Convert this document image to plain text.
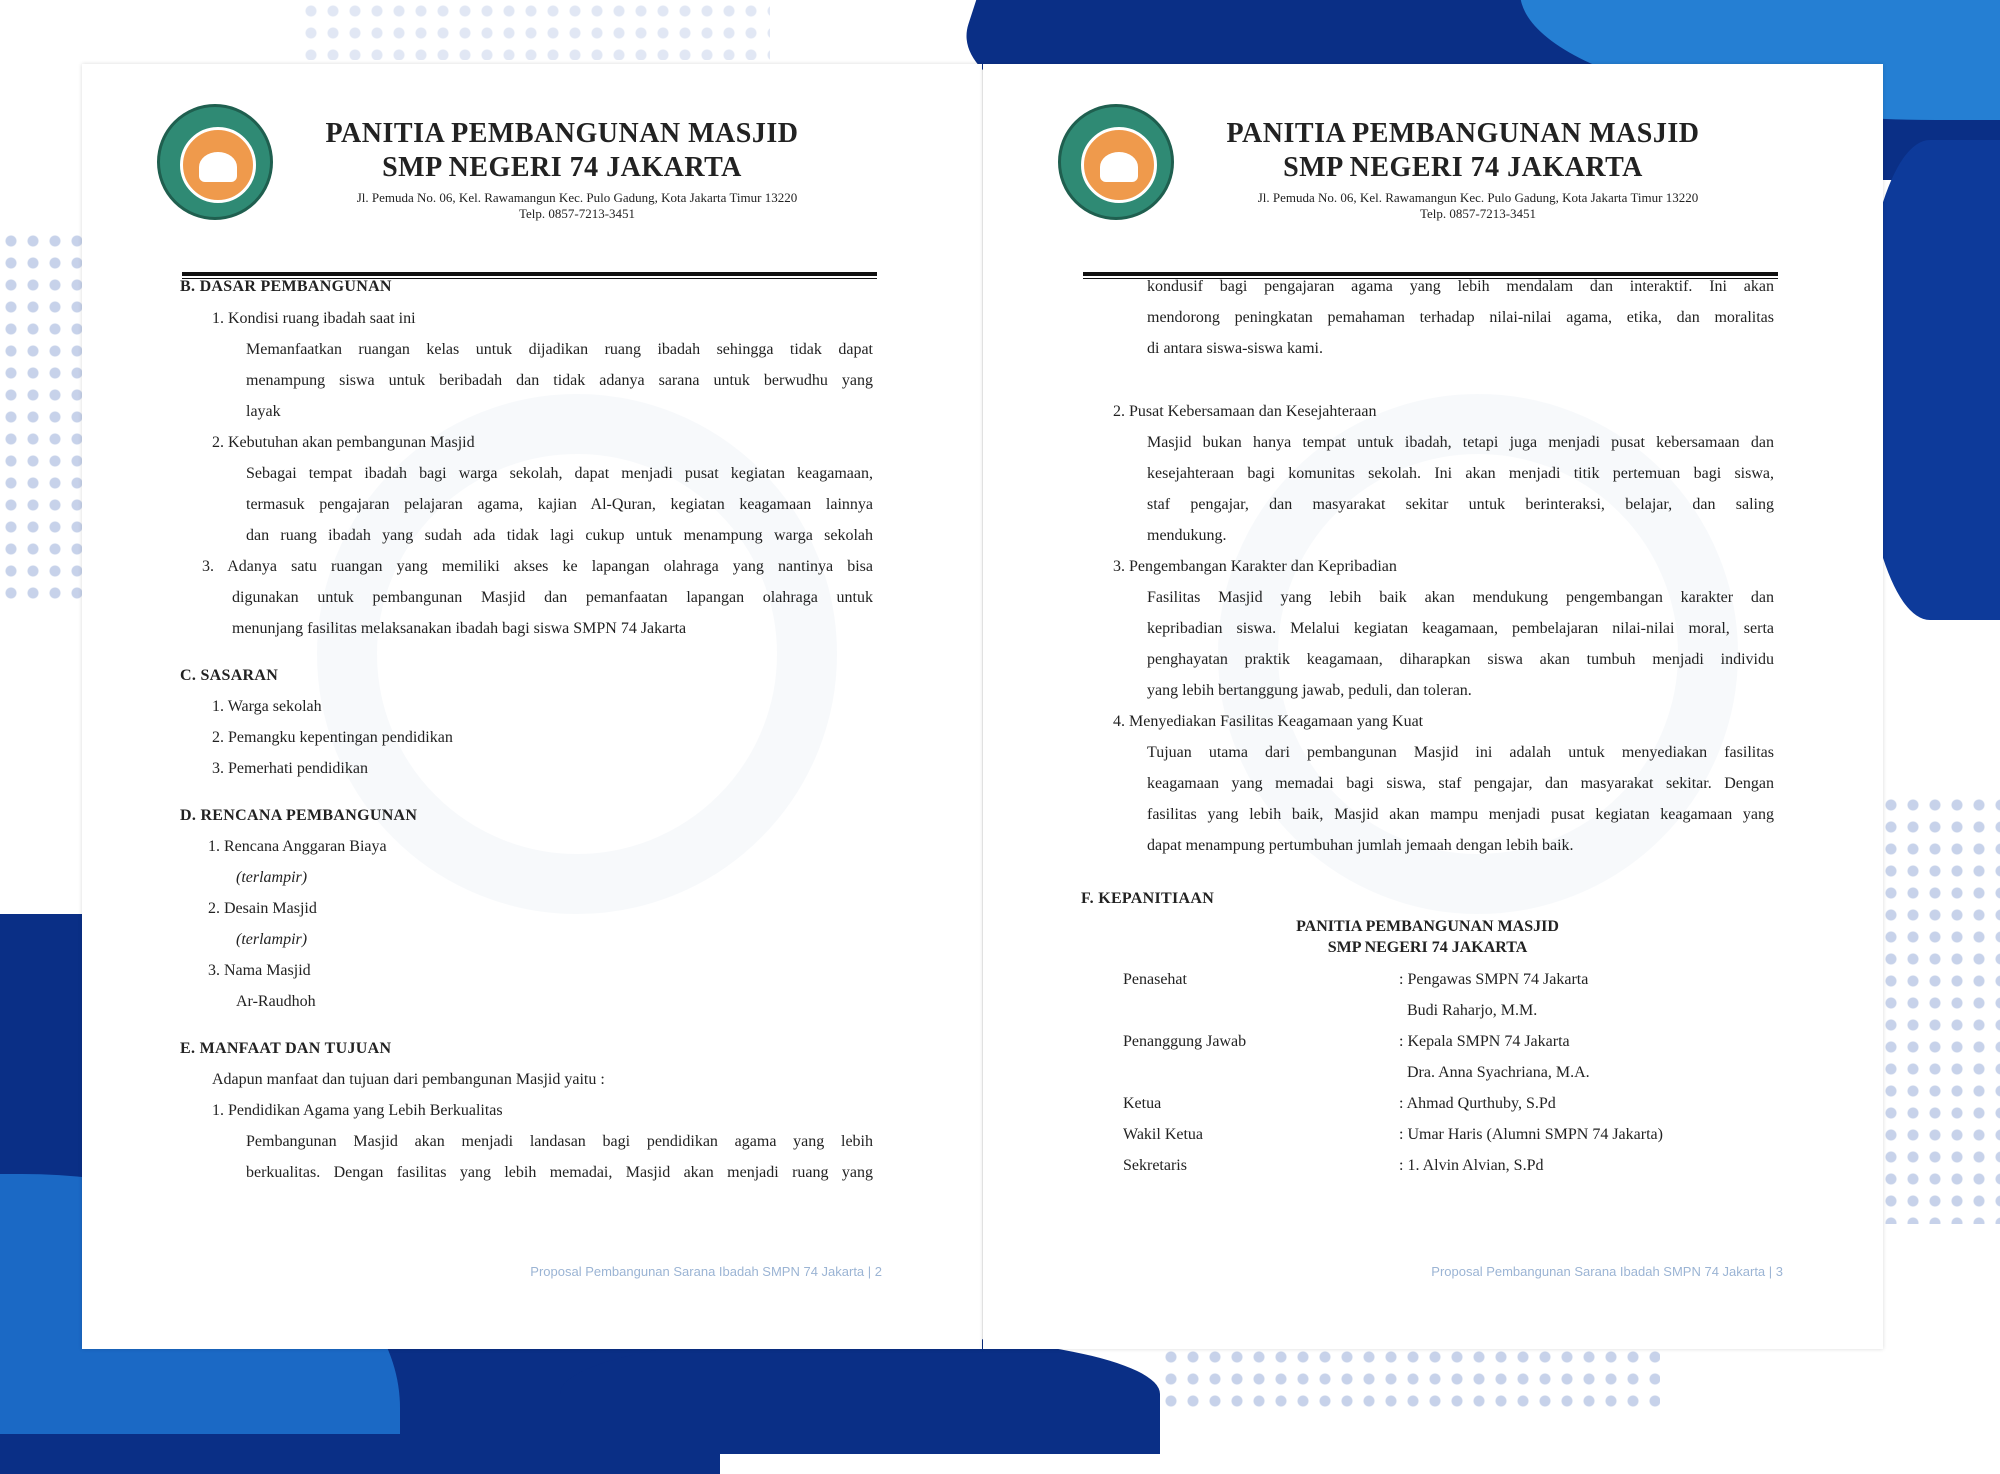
PANITIA PEMBANGUNAN MASJID
SMP NEGERI 74 JAKARTA
Jl. Pemuda No. 06, Kel. Rawamangun Kec. Pulo Gadung, Kota Jakarta Timur 13220
Telp. 0857-7213-3451
B. DASAR PEMBANGUNAN
1. Kondisi ruang ibadah saat ini
Memanfaatkan ruangan kelas untuk dijadikan ruang ibadah sehingga tidak dapat
menampung siswa untuk beribadah dan tidak adanya sarana untuk berwudhu yang
layak
2. Kebutuhan akan pembangunan Masjid
Sebagai tempat ibadah bagi warga sekolah, dapat menjadi pusat kegiatan keagamaan,
termasuk pengajaran pelajaran agama, kajian Al-Quran, kegiatan keagamaan lainnya
dan ruang ibadah yang sudah ada tidak lagi cukup untuk menampung warga sekolah
3. Adanya satu ruangan yang memiliki akses ke lapangan olahraga yang nantinya bisa
digunakan untuk pembangunan Masjid dan pemanfaatan lapangan olahraga untuk
menunjang fasilitas melaksanakan ibadah bagi siswa SMPN 74 Jakarta
C. SASARAN
1. Warga sekolah
2. Pemangku kepentingan pendidikan
3. Pemerhati pendidikan
D. RENCANA PEMBANGUNAN
1. Rencana Anggaran Biaya
(terlampir)
2. Desain Masjid
(terlampir)
3. Nama Masjid
Ar-Raudhoh
E. MANFAAT DAN TUJUAN
Adapun manfaat dan tujuan dari pembangunan Masjid yaitu :
1. Pendidikan Agama yang Lebih Berkualitas
Pembangunan Masjid akan menjadi landasan bagi pendidikan agama yang lebih
berkualitas. Dengan fasilitas yang lebih memadai, Masjid akan menjadi ruang yang
Proposal Pembangunan Sarana Ibadah SMPN 74 Jakarta | 2
PANITIA PEMBANGUNAN MASJID
SMP NEGERI 74 JAKARTA
Jl. Pemuda No. 06, Kel. Rawamangun Kec. Pulo Gadung, Kota Jakarta Timur 13220
Telp. 0857-7213-3451
kondusif bagi pengajaran agama yang lebih mendalam dan interaktif. Ini akan
mendorong peningkatan pemahaman terhadap nilai-nilai agama, etika, dan moralitas
di antara siswa-siswa kami.
2. Pusat Kebersamaan dan Kesejahteraan
Masjid bukan hanya tempat untuk ibadah, tetapi juga menjadi pusat kebersamaan dan
kesejahteraan bagi komunitas sekolah. Ini akan menjadi titik pertemuan bagi siswa,
staf pengajar, dan masyarakat sekitar untuk berinteraksi, belajar, dan saling
mendukung.
3. Pengembangan Karakter dan Kepribadian
Fasilitas Masjid yang lebih baik akan mendukung pengembangan karakter dan
kepribadian siswa. Melalui kegiatan keagamaan, pembelajaran nilai-nilai moral, serta
penghayatan praktik keagamaan, diharapkan siswa akan tumbuh menjadi individu
yang lebih bertanggung jawab, peduli, dan toleran.
4. Menyediakan Fasilitas Keagamaan yang Kuat
Tujuan utama dari pembangunan Masjid ini adalah untuk menyediakan fasilitas
keagamaan yang memadai bagi siswa, staf pengajar, dan masyarakat sekitar. Dengan
fasilitas yang lebih baik, Masjid akan mampu menjadi pusat kegiatan keagamaan yang
dapat menampung pertumbuhan jumlah jemaah dengan lebih baik.
F. KEPANITIAAN
PANITIA PEMBANGUNAN MASJID
SMP NEGERI 74 JAKARTA
Penasehat	: Pengawas SMPN 74 Jakarta
Budi Raharjo, M.M.
Penanggung Jawab	: Kepala SMPN 74 Jakarta
Dra. Anna Syachriana, M.A.
Ketua	: Ahmad Qurthuby, S.Pd
Wakil Ketua	: Umar Haris (Alumni SMPN 74 Jakarta)
Sekretaris	: 1. Alvin Alvian, S.Pd
Proposal Pembangunan Sarana Ibadah SMPN 74 Jakarta | 3
